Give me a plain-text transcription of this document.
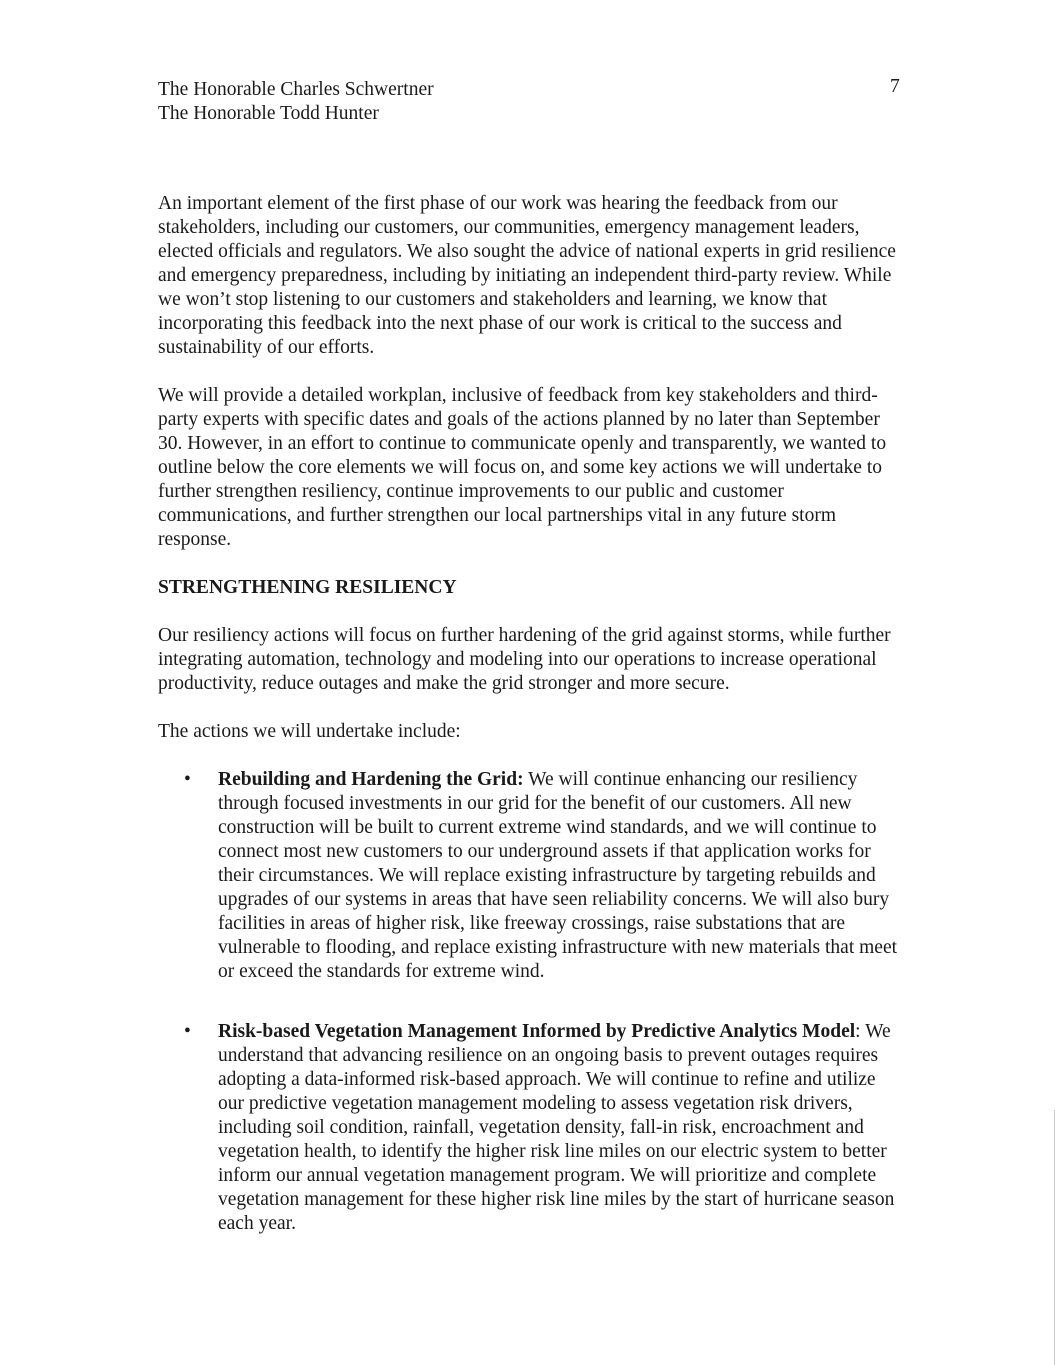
The Honorable Charles Schwertner
The Honorable Todd Hunter
7

An important element of the first phase of our work was hearing the feedback from our stakeholders, including our customers, our communities, emergency management leaders, elected officials and regulators. We also sought the advice of national experts in grid resilience and emergency preparedness, including by initiating an independent third-party review. While we won’t stop listening to our customers and stakeholders and learning, we know that incorporating this feedback into the next phase of our work is critical to the success and sustainability of our efforts.

We will provide a detailed workplan, inclusive of feedback from key stakeholders and third-party experts with specific dates and goals of the actions planned by no later than September 30. However, in an effort to continue to communicate openly and transparently, we wanted to outline below the core elements we will focus on, and some key actions we will undertake to further strengthen resiliency, continue improvements to our public and customer communications, and further strengthen our local partnerships vital in any future storm response.

STRENGTHENING RESILIENCY

Our resiliency actions will focus on further hardening of the grid against storms, while further integrating automation, technology and modeling into our operations to increase operational productivity, reduce outages and make the grid stronger and more secure.

The actions we will undertake include:

• Rebuilding and Hardening the Grid: We will continue enhancing our resiliency through focused investments in our grid for the benefit of our customers. All new construction will be built to current extreme wind standards, and we will continue to connect most new customers to our underground assets if that application works for their circumstances. We will replace existing infrastructure by targeting rebuilds and upgrades of our systems in areas that have seen reliability concerns. We will also bury facilities in areas of higher risk, like freeway crossings, raise substations that are vulnerable to flooding, and replace existing infrastructure with new materials that meet or exceed the standards for extreme wind.
• Risk-based Vegetation Management Informed by Predictive Analytics Model: We understand that advancing resilience on an ongoing basis to prevent outages requires adopting a data-informed risk-based approach. We will continue to refine and utilize our predictive vegetation management modeling to assess vegetation risk drivers, including soil condition, rainfall, vegetation density, fall-in risk, encroachment and vegetation health, to identify the higher risk line miles on our electric system to better inform our annual vegetation management program. We will prioritize and complete vegetation management for these higher risk line miles by the start of hurricane season each year.
